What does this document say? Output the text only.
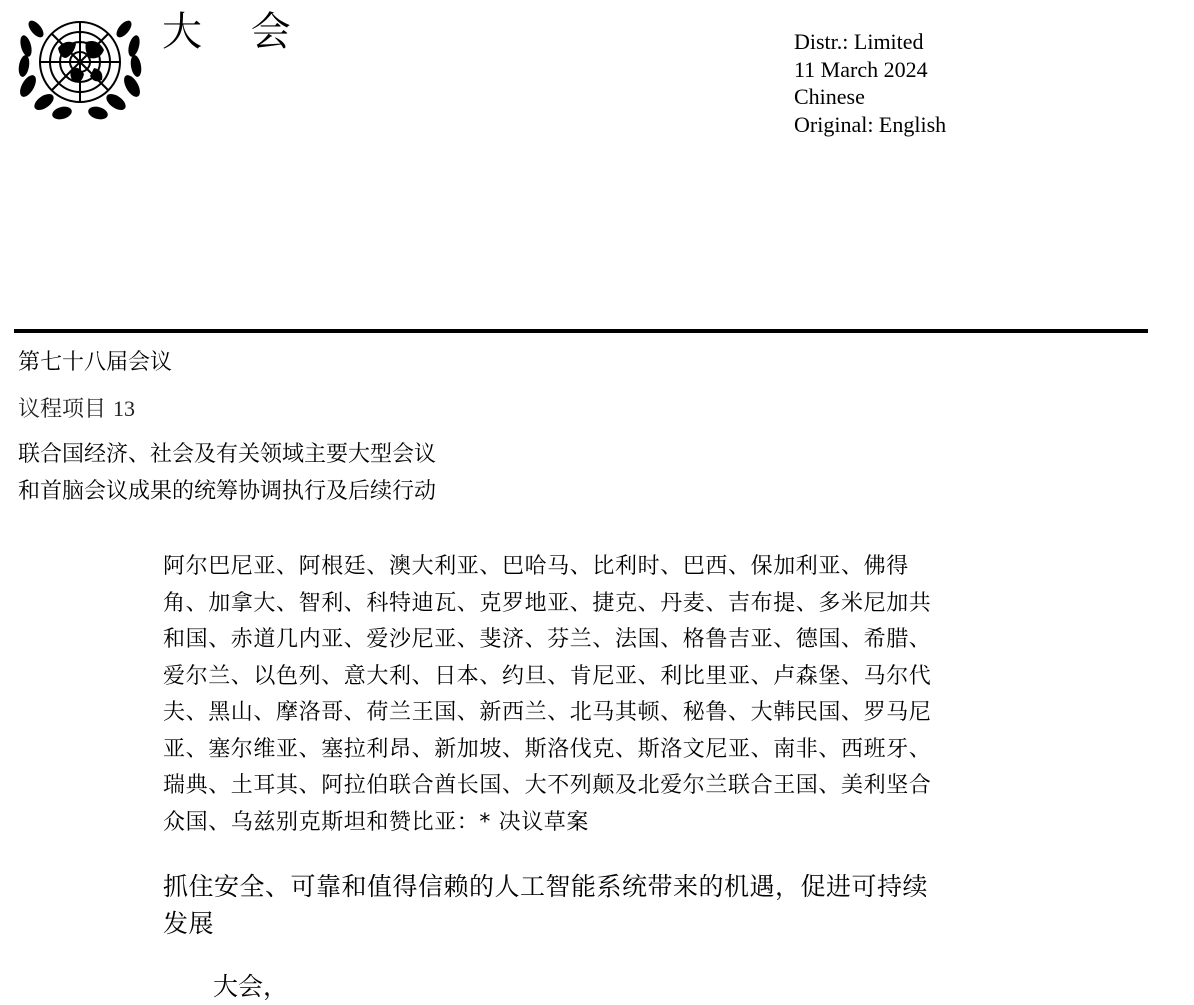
大 会	Distr.: Limited
11 March 2024
Chinese
Original: English
第七十八届会议
议程项目 13
联合国经济、社会及有关领域主要大型会议
和首脑会议成果的统筹协调执行及后续行动
阿尔巴尼亚、阿根廷、澳大利亚、巴哈马、比利时、巴西、保加利亚、佛得
角、加拿大、智利、科特迪瓦、克罗地亚、捷克、丹麦、吉布提、多米尼加共
和国、赤道几内亚、爱沙尼亚、斐济、芬兰、法国、格鲁吉亚、德国、希腊、
爱尔兰、以色列、意大利、日本、约旦、肯尼亚、利比里亚、卢森堡、马尔代
夫、黑山、摩洛哥、荷兰王国、新西兰、北马其顿、秘鲁、大韩民国、罗马尼
亚、塞尔维亚、塞拉利昂、新加坡、斯洛伐克、斯洛文尼亚、南非、西班牙、
瑞典、土耳其、阿拉伯联合酋长国、大不列颠及北爱尔兰联合王国、美利坚合
众国、乌兹别克斯坦和赞比亚：* 决议草案
抓住安全、可靠和值得信赖的人工智能系统带来的机遇，促进可持续
发展
大会，
